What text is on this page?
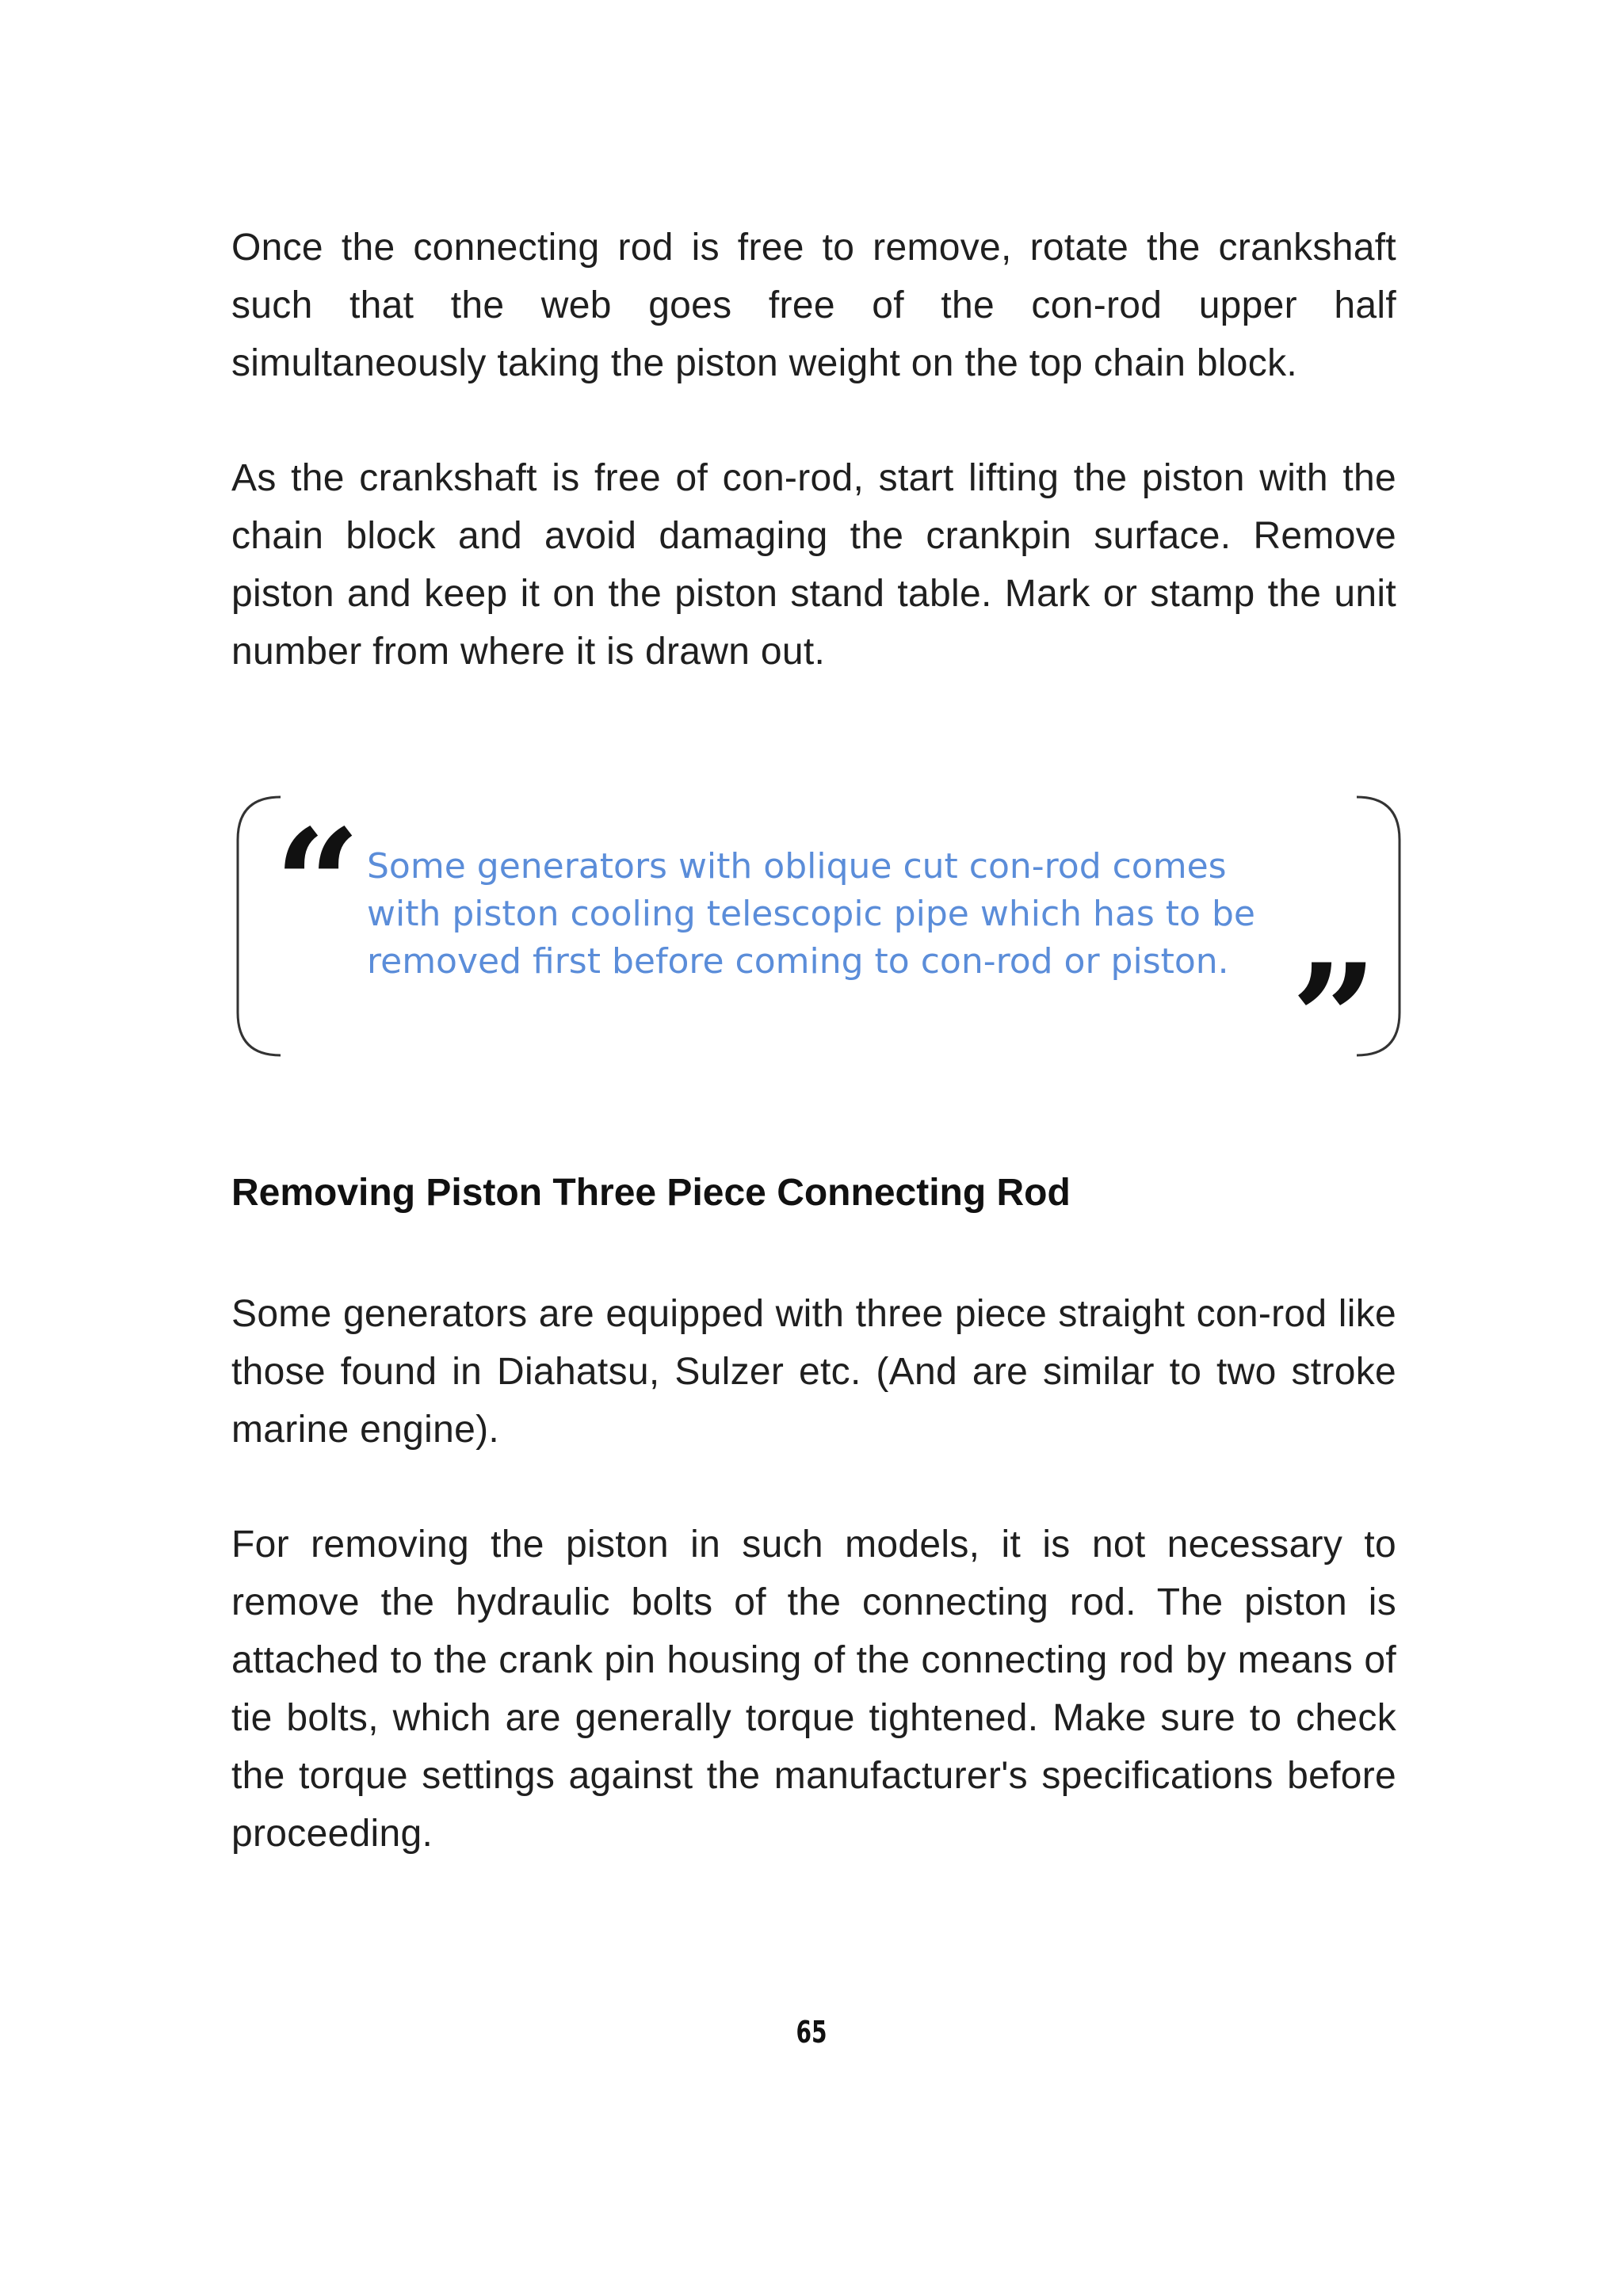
Once the connecting rod is free to remove, rotate the crankshaft such that the web goes free of the con-rod upper half simultaneously taking the piston weight on the top chain block.

As the crankshaft is free of con-rod, start lifting the piston with the chain block and avoid damaging the crankpin surface. Remove piston and keep it on the piston stand table. Mark or stamp the unit number from where it is drawn out.

“ Some generators with oblique cut con-rod comes with piston cooling telescopic pipe which has to be removed first before coming to con-rod or piston. ”
Removing Piston Three Piece Connecting Rod

Some generators are equipped with three piece straight con-rod like those found in Diahatsu, Sulzer etc. (And are similar to two stroke marine engine).

For removing the piston in such models, it is not necessary to remove the hydraulic bolts of the connecting rod. The piston is attached to the crank pin housing of the connecting rod by means of tie bolts, which are generally torque tightened. Make sure to check the torque settings against the manufacturer's specifications before proceeding.

65
